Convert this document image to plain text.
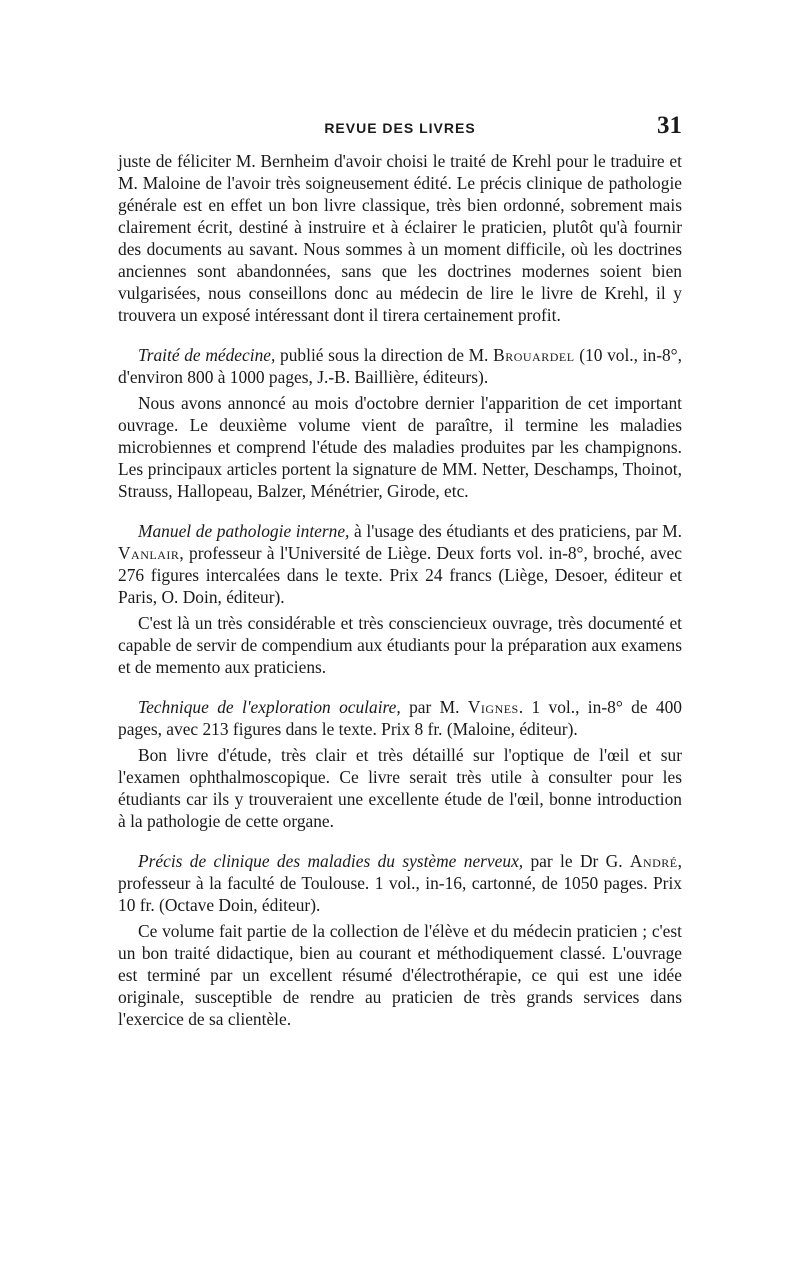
REVUE DES LIVRES	31

juste de féliciter M. Bernheim d'avoir choisi le traité de Krehl pour le traduire et M. Maloine de l'avoir très soigneusement édité. Le précis clinique de pathologie générale est en effet un bon livre classique, très bien ordonné, sobrement mais clairement écrit, destiné à instruire et à éclairer le praticien, plutôt qu'à fournir des documents au savant. Nous sommes à un moment difficile, où les doctrines anciennes sont abandonnées, sans que les doctrines modernes soient bien vulgarisées, nous conseillons donc au médecin de lire le livre de Krehl, il y trouvera un exposé intéressant dont il tirera certainement profit.

Traité de médecine, publié sous la direction de M. Brouardel (10 vol., in-8°, d'environ 800 à 1000 pages, J.-B. Baillière, éditeurs).

Nous avons annoncé au mois d'octobre dernier l'apparition de cet important ouvrage. Le deuxième volume vient de paraître, il termine les maladies microbiennes et comprend l'étude des maladies produites par les champignons. Les principaux articles portent la signature de MM. Netter, Deschamps, Thoinot, Strauss, Hallopeau, Balzer, Ménétrier, Girode, etc.

Manuel de pathologie interne, à l'usage des étudiants et des praticiens, par M. Vanlair, professeur à l'Université de Liège. Deux forts vol. in-8°, broché, avec 276 figures intercalées dans le texte. Prix 24 francs (Liège, Desoer, éditeur et Paris, O. Doin, éditeur).

C'est là un très considérable et très consciencieux ouvrage, très documenté et capable de servir de compendium aux étudiants pour la préparation aux examens et de memento aux praticiens.

Technique de l'exploration oculaire, par M. Vignes. 1 vol., in-8° de 400 pages, avec 213 figures dans le texte. Prix 8 fr. (Maloine, éditeur).

Bon livre d'étude, très clair et très détaillé sur l'optique de l'œil et sur l'examen ophthalmoscopique. Ce livre serait très utile à consulter pour les étudiants car ils y trouveraient une excellente étude de l'œil, bonne introduction à la pathologie de cette organe.

Précis de clinique des maladies du système nerveux, par le Dr G. André, professeur à la faculté de Toulouse. 1 vol., in-16, cartonné, de 1050 pages. Prix 10 fr. (Octave Doin, éditeur).

Ce volume fait partie de la collection de l'élève et du médecin praticien ; c'est un bon traité didactique, bien au courant et méthodiquement classé. L'ouvrage est terminé par un excellent résumé d'électrothérapie, ce qui est une idée originale, susceptible de rendre au praticien de très grands services dans l'exercice de sa clientèle.
